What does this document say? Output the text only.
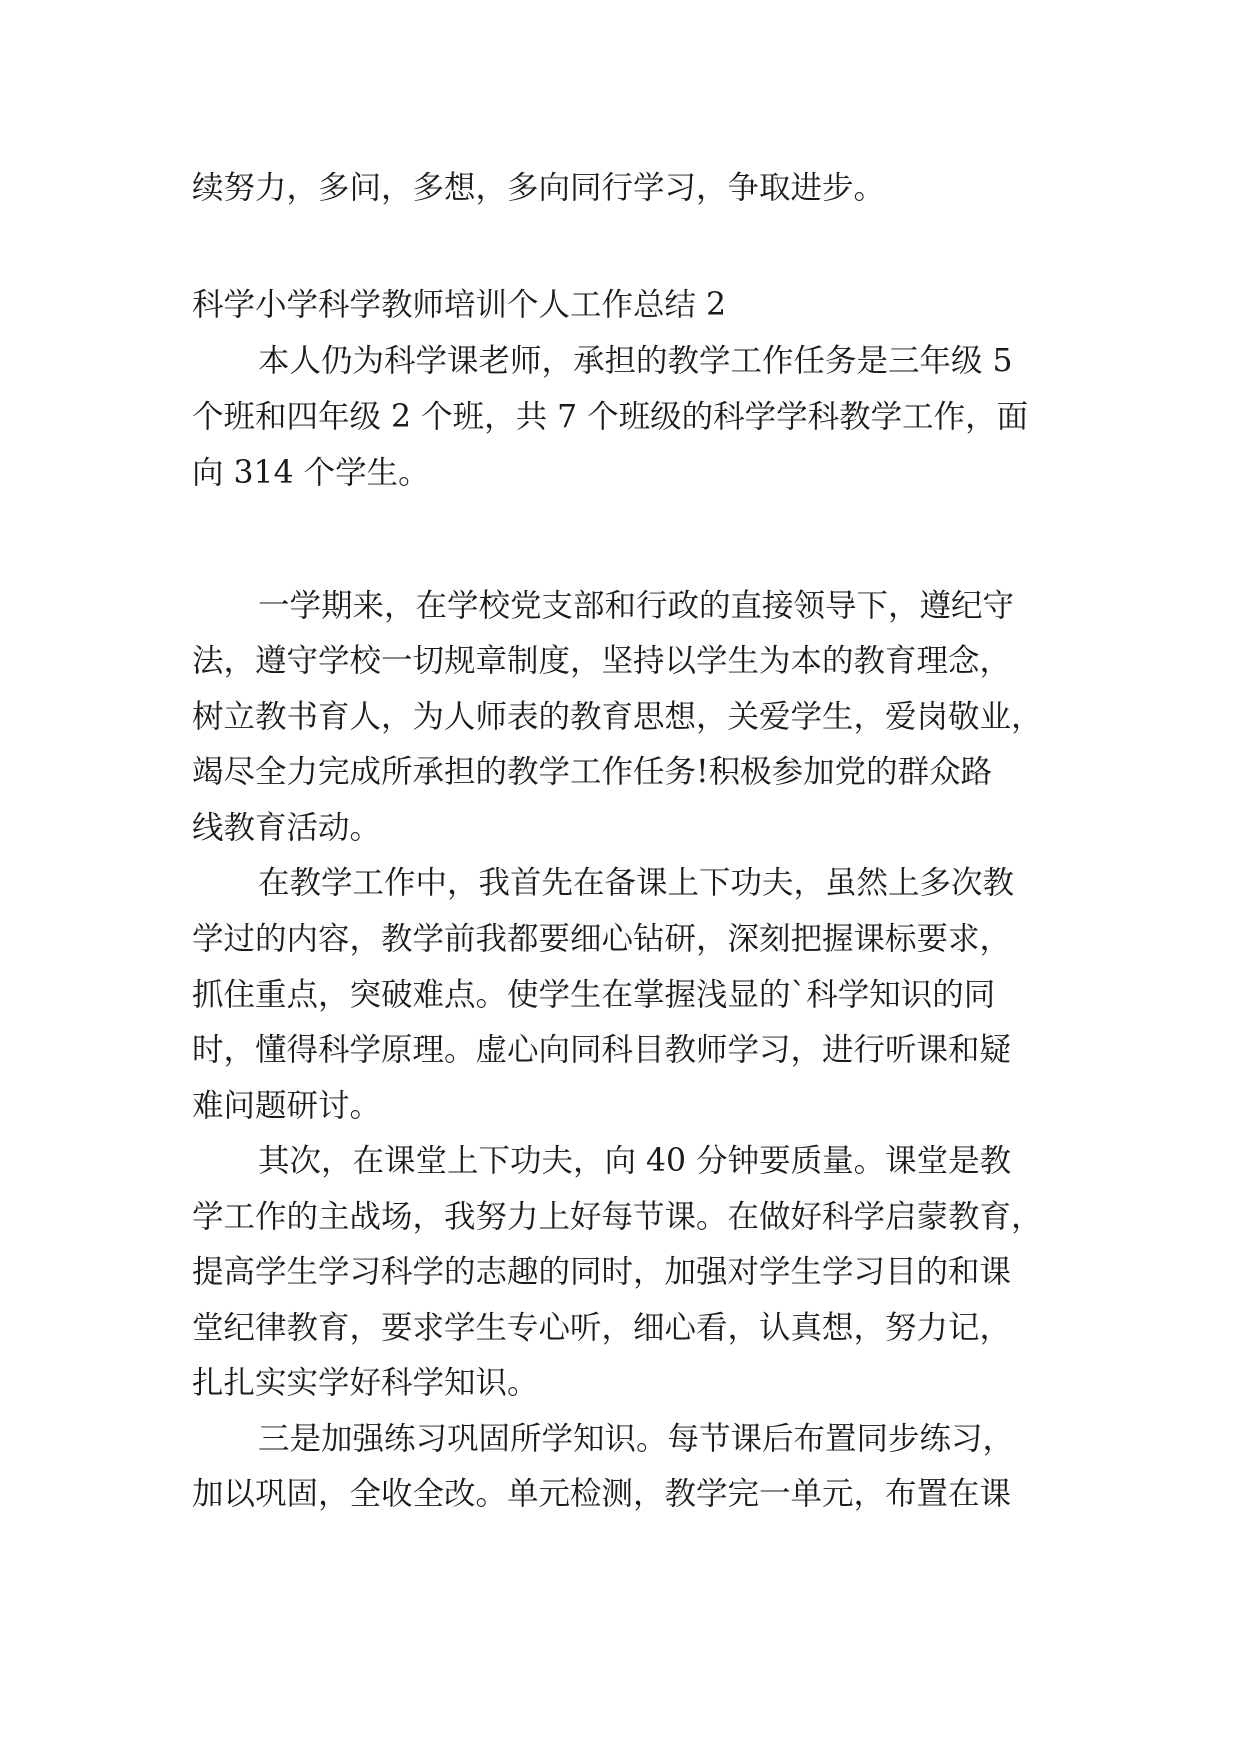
续努力，多问，多想，多向同行学习，争取进步。
科学小学科学教师培训个人工作总结 2
本人仍为科学课老师，承担的教学工作任务是三年级 5
个班和四年级 2 个班，共 7 个班级的科学学科教学工作，面
向 314 个学生。
一学期来，在学校党支部和行政的直接领导下，遵纪守
法，遵守学校一切规章制度，坚持以学生为本的教育理念，
树立教书育人，为人师表的教育思想，关爱学生，爱岗敬业，
竭尽全力完成所承担的教学工作任务!积极参加党的群众路
线教育活动。
在教学工作中，我首先在备课上下功夫，虽然上多次教
学过的内容，教学前我都要细心钻研，深刻把握课标要求，
抓住重点，突破难点。使学生在掌握浅显的`科学知识的同
时，懂得科学原理。虚心向同科目教师学习，进行听课和疑
难问题研讨。
其次，在课堂上下功夫，向 40 分钟要质量。课堂是教
学工作的主战场，我努力上好每节课。在做好科学启蒙教育，
提高学生学习科学的志趣的同时，加强对学生学习目的和课
堂纪律教育，要求学生专心听，细心看，认真想，努力记，
扎扎实实学好科学知识。
三是加强练习巩固所学知识。每节课后布置同步练习，
加以巩固，全收全改。单元检测，教学完一单元，布置在课
